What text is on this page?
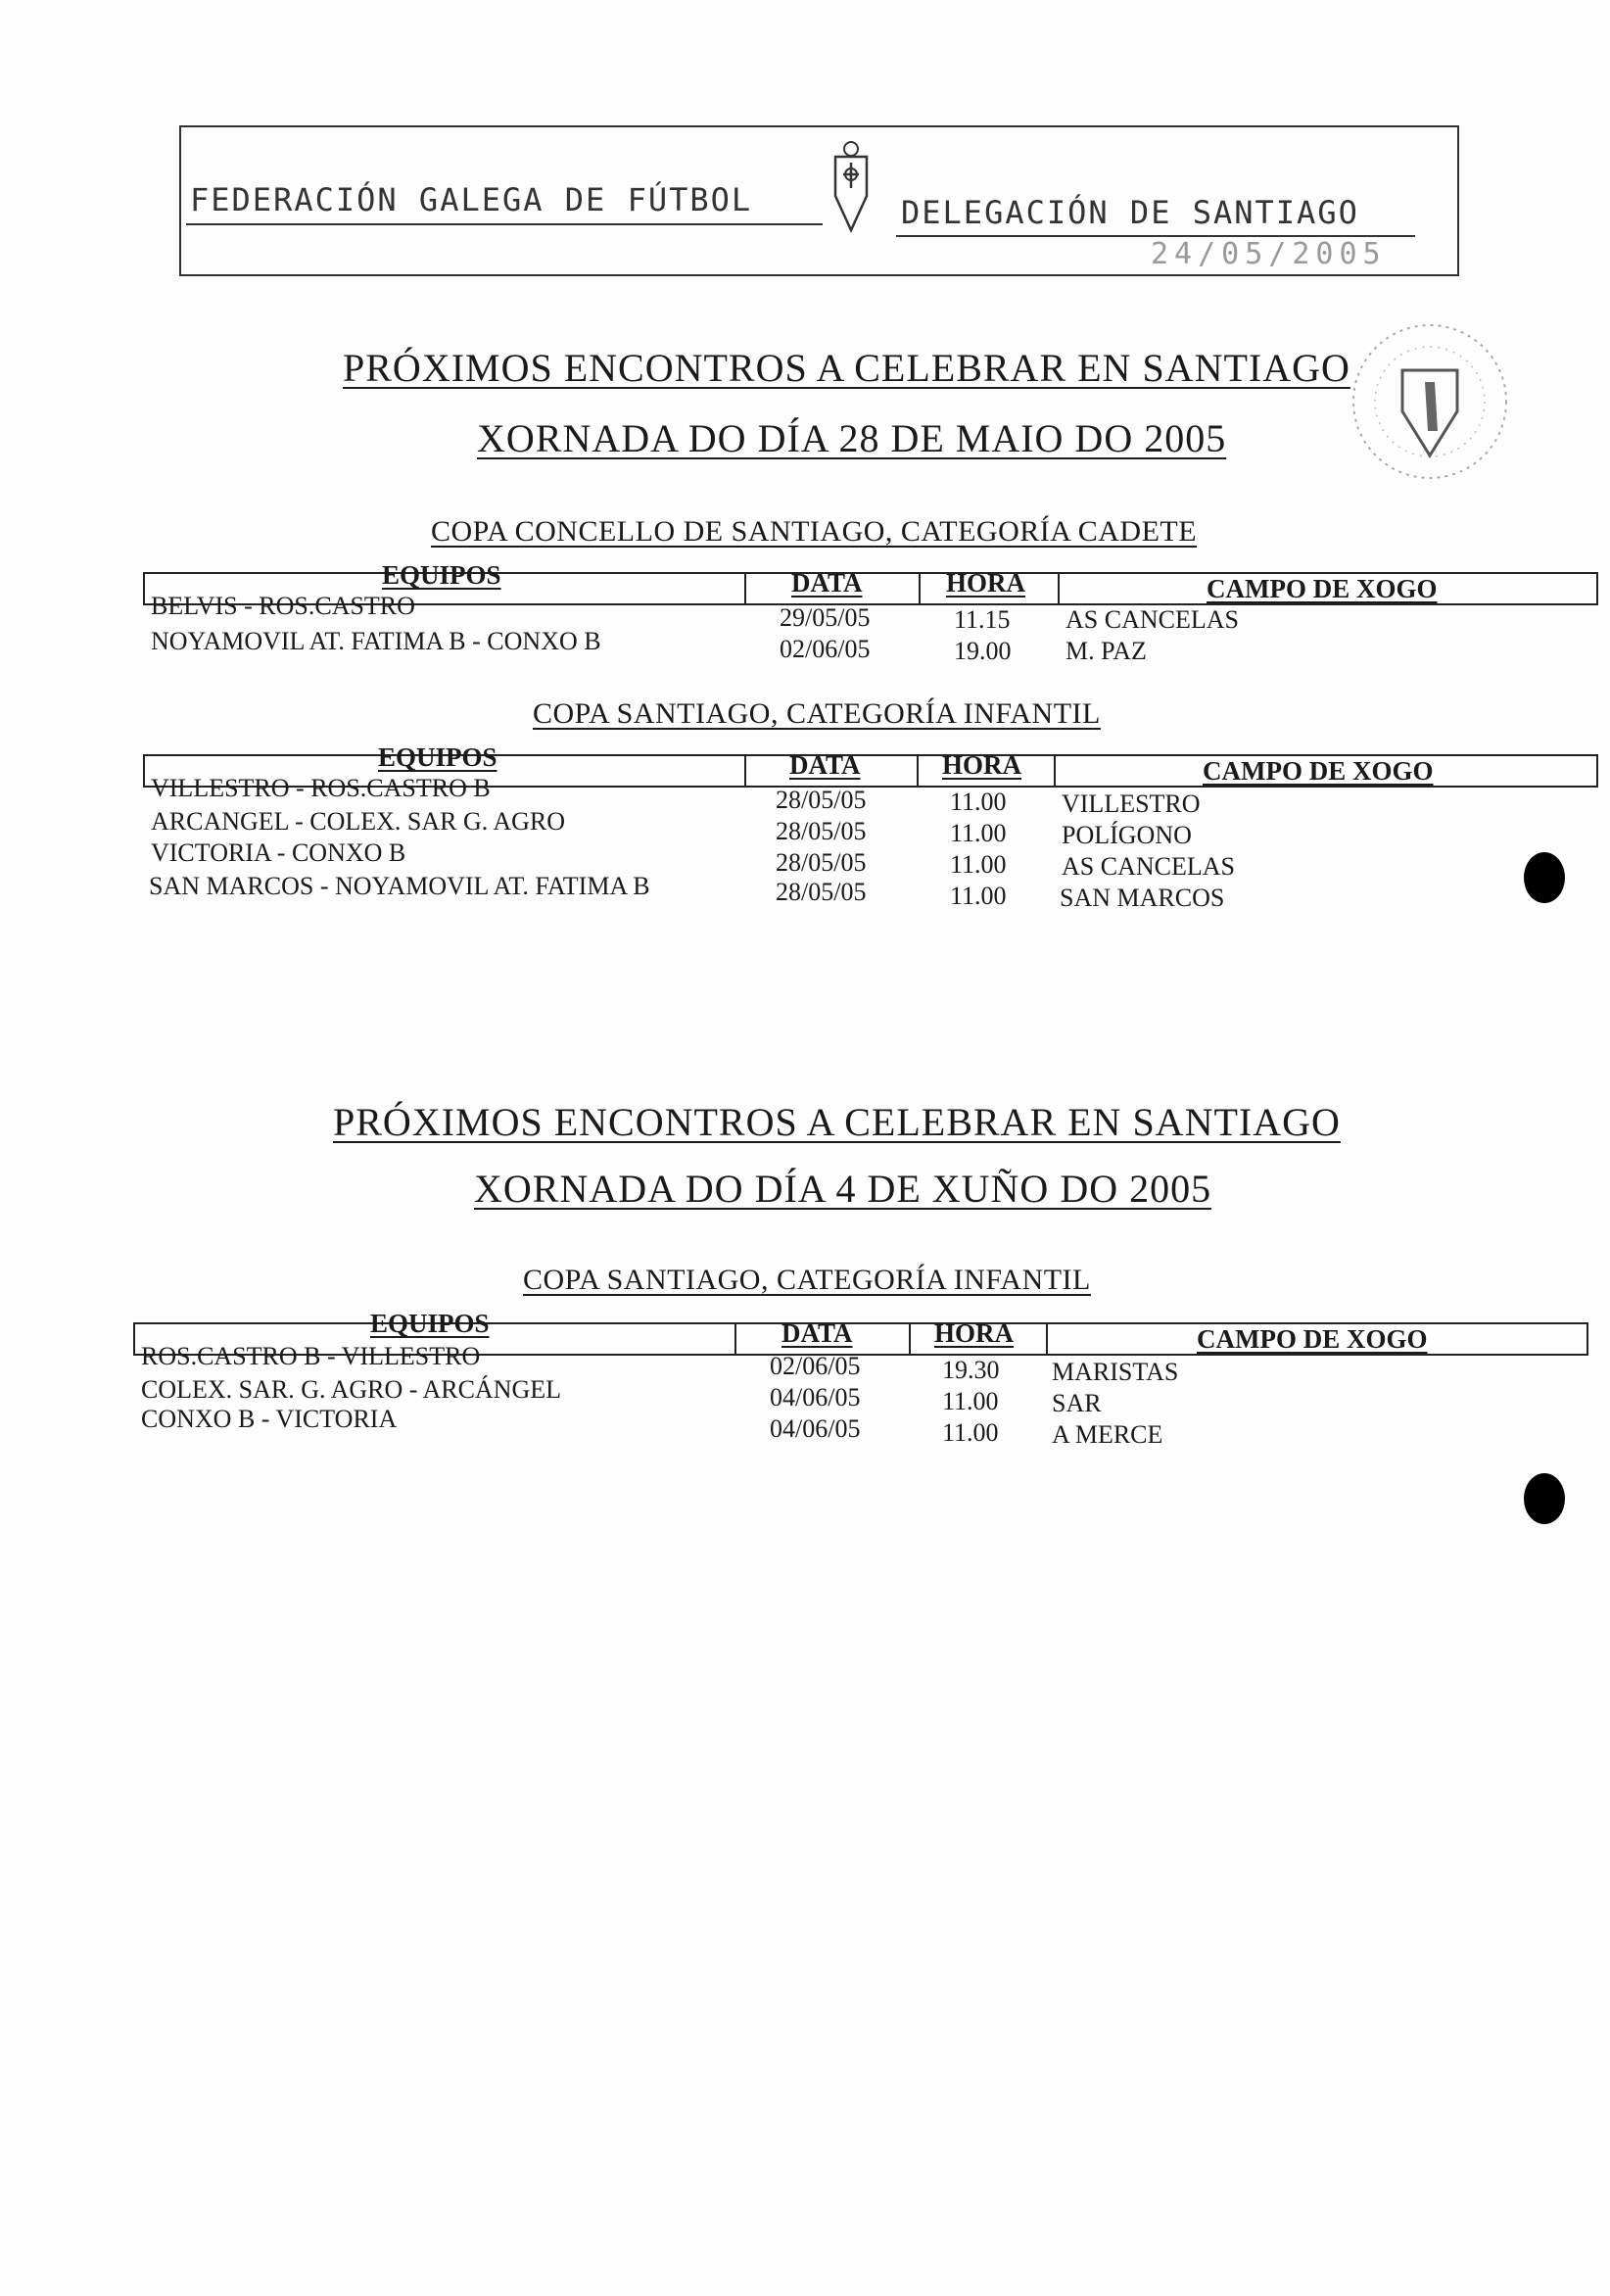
FEDERACIÓN GALEGA DE FÚTBOL	DELEGACIÓN DE SANTIAGO
24/05/2005
PRÓXIMOS ENCONTROS A CELEBRAR EN SANTIAGO
XORNADA DO DÍA 28 DE MAIO DO 2005
COPA CONCELLO DE SANTIAGO, CATEGORÍA CADETE
EQUIPOS	DATA	HORA	CAMPO DE XOGO
BELVIS - ROS.CASTRO	29/05/05	11.15 AS CANCELAS
NOYAMOVIL AT. FATIMA B - CONXO B	02/06/05	19.00 M. PAZ
COPA SANTIAGO, CATEGORÍA INFANTIL
EQUIPOS	DATA	HORA	CAMPO DE XOGO
VILLESTRO - ROS.CASTRO B	28/05/05	11.00 VILLESTRO
ARCANGEL - COLEX. SAR G. AGRO	28/05/05	11.00 POLÍGONO
VICTORIA - CONXO B	28/05/05	11.00 AS CANCELAS
SAN MARCOS - NOYAMOVIL AT. FATIMA B	28/05/05	11.00 SAN MARCOS
PRÓXIMOS ENCONTROS A CELEBRAR EN SANTIAGO
XORNADA DO DÍA 4 DE XUÑO DO 2005
COPA SANTIAGO, CATEGORÍA INFANTIL
EQUIPOS	DATA	HORA	CAMPO DE XOGO
ROS.CASTRO B - VILLESTRO	02/06/05	19.30 MARISTAS
COLEX. SAR. G. AGRO - ARCÁNGEL	04/06/05	11.00 SAR
CONXO B - VICTORIA	04/06/05	11.00 A MERCE
